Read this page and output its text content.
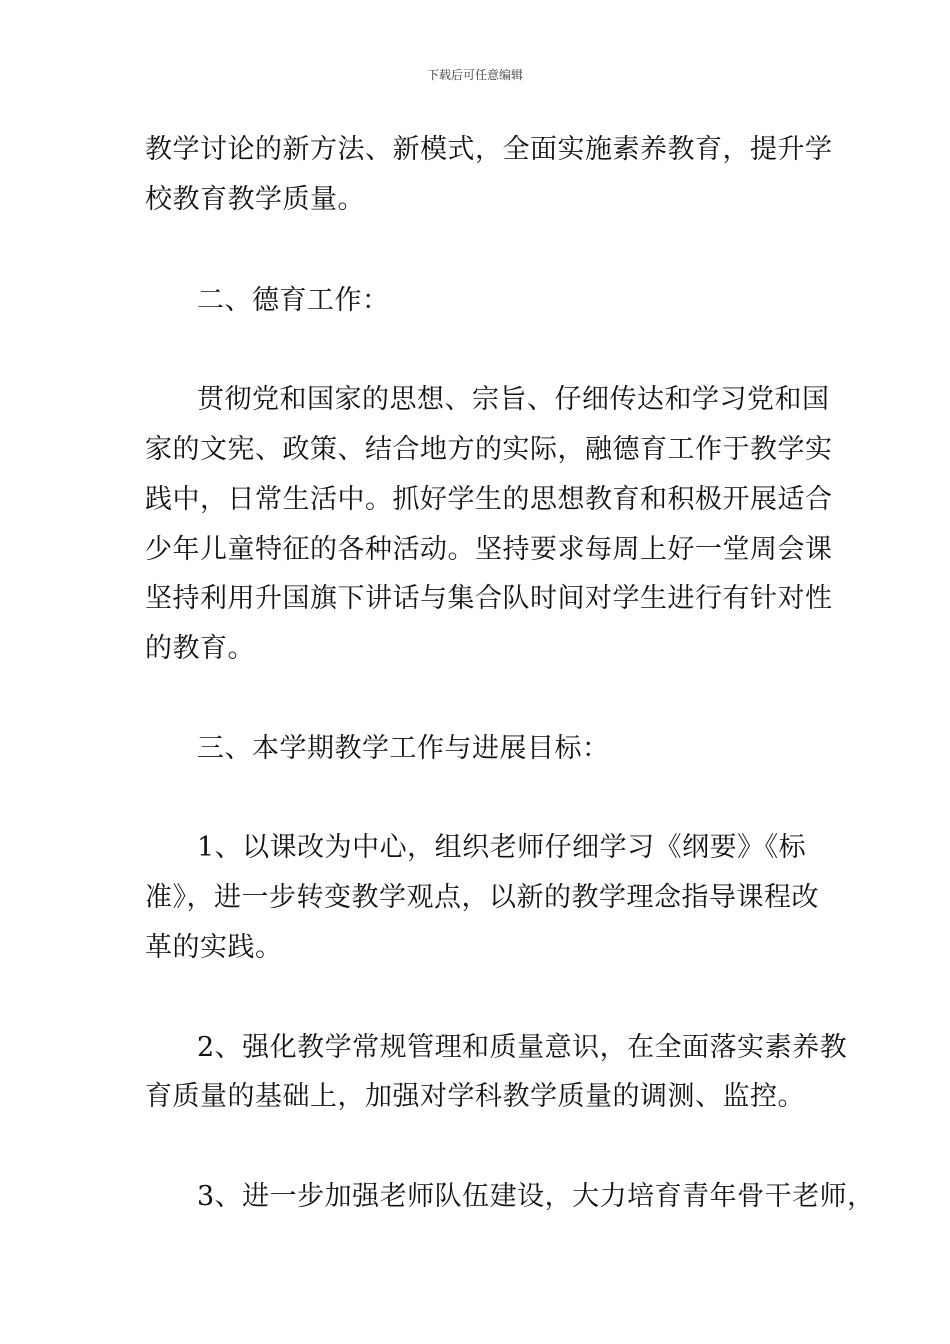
下载后可任意编辑
教学讨论的新方法、新模式，全面实施素养教育，提升学
校教育教学质量。
二、德育工作：
贯彻党和国家的思想、宗旨、仔细传达和学习党和国
家的文宪、政策、结合地方的实际，融德育工作于教学实
践中，日常生活中。抓好学生的思想教育和积极开展适合
少年儿童特征的各种活动。坚持要求每周上好一堂周会课
坚持利用升国旗下讲话与集合队时间对学生进行有针对性
的教育。
三、本学期教学工作与进展目标：
1、以课改为中心，组织老师仔细学习《纲要》《标
准》，进一步转变教学观点，以新的教学理念指导课程改
革的实践。
2、强化教学常规管理和质量意识，在全面落实素养教
育质量的基础上，加强对学科教学质量的调测、监控。
3、进一步加强老师队伍建设，大力培育青年骨干老师，
